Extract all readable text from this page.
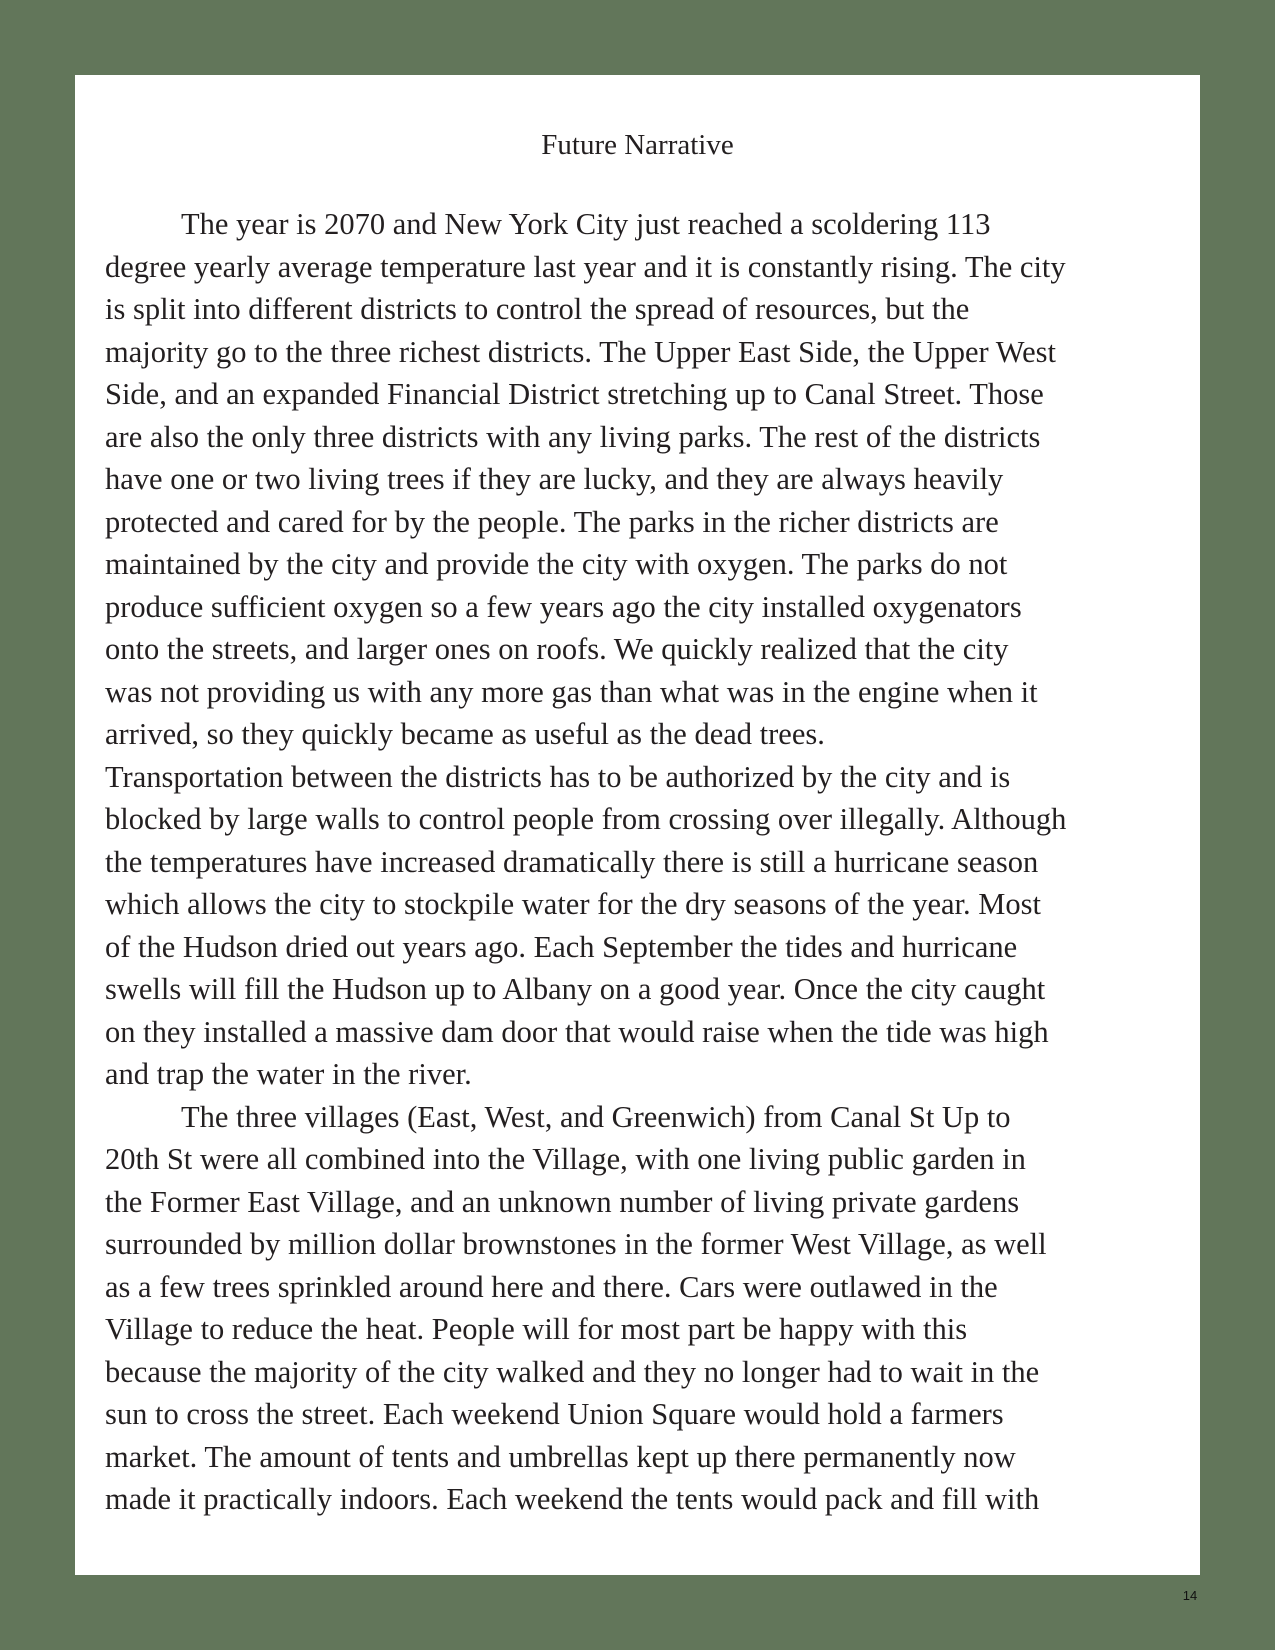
Future Narrative
The year is 2070 and New York City just reached a scoldering 113
degree yearly average temperature last year and it is constantly rising. The city
is split into different districts to control the spread of resources, but the
majority go to the three richest districts. The Upper East Side, the Upper West
Side, and an expanded Financial District stretching up to Canal Street. Those
are also the only three districts with any living parks. The rest of the districts
have one or two living trees if they are lucky, and they are always heavily
protected and cared for by the people. The parks in the richer districts are
maintained by the city and provide the city with oxygen. The parks do not
produce sufficient oxygen so a few years ago the city installed oxygenators
onto the streets, and larger ones on roofs. We quickly realized that the city
was not providing us with any more gas than what was in the engine when it
arrived, so they quickly became as useful as the dead trees.
Transportation between the districts has to be authorized by the city and is
blocked by large walls to control people from crossing over illegally. Although
the temperatures have increased dramatically there is still a hurricane season
which allows the city to stockpile water for the dry seasons of the year. Most
of the Hudson dried out years ago. Each September the tides and hurricane
swells will fill the Hudson up to Albany on a good year. Once the city caught
on they installed a massive dam door that would raise when the tide was high
and trap the water in the river.
The three villages (East, West, and Greenwich) from Canal St Up to
20th St were all combined into the Village, with one living public garden in
the Former East Village, and an unknown number of living private gardens
surrounded by million dollar brownstones in the former West Village, as well
as a few trees sprinkled around here and there. Cars were outlawed in the
Village to reduce the heat. People will for most part be happy with this
because the majority of the city walked and they no longer had to wait in the
sun to cross the street. Each weekend Union Square would hold a farmers
market. The amount of tents and umbrellas kept up there permanently now
made it practically indoors. Each weekend the tents would pack and fill with
14
